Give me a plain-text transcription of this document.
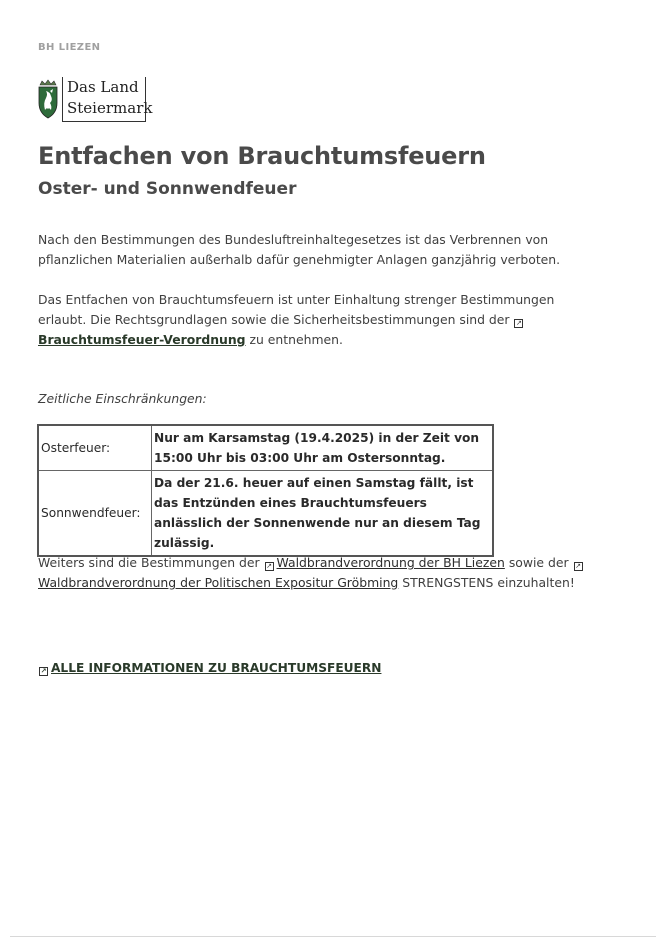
BH LIEZEN
Das Land
Steiermark
Entfachen von Brauchtumsfeuern
Oster- und Sonnwendfeuer
Nach den Bestimmungen des Bundesluftreinhaltegesetzes ist das Verbrennen von pflanzlichen Materialien außerhalb dafür genehmigter Anlagen ganzjährig verboten.
Das Entfachen von Brauchtumsfeuern ist unter Einhaltung strenger Bestimmungen erlaubt. Die Rechtsgrundlagen sowie die Sicherheitsbestimmungen sind der ↗
Brauchtumsfeuer-Verordnung zu entnehmen.
Zeitliche Einschränkungen:
Osterfeuer:	Nur am Karsamstag (19.4.2025) in der Zeit von 15:00 Uhr bis 03:00 Uhr am Ostersonntag.
Sonnwendfeuer:	Da der 21.6. heuer auf einen Samstag fällt, ist das Entzünden eines Brauchtumsfeuers anlässlich der Sonnenwende nur an diesem Tag zulässig.
Weiters sind die Bestimmungen der ↗ Waldbrandverordnung der BH Liezen sowie der ↗
Waldbrandverordnung der Politischen Expositur Gröbming STRENGSTENS einzuhalten!
↗ ALLE INFORMATIONEN ZU BRAUCHTUMSFEUERN
